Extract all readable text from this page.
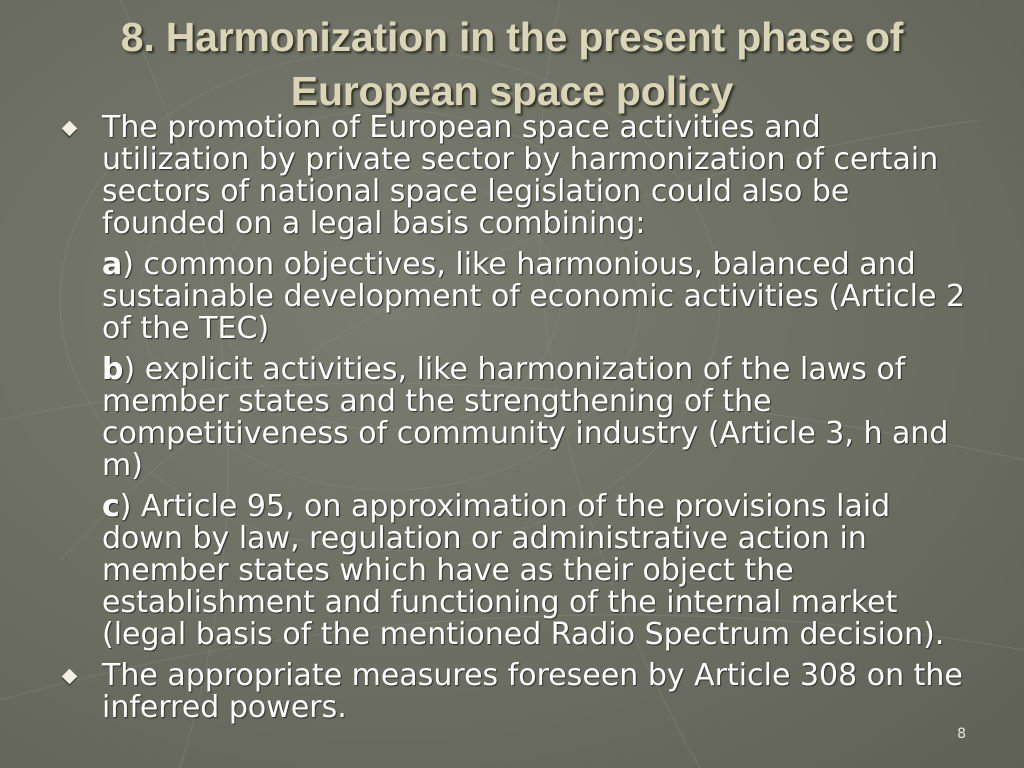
8. Harmonization in the present phase of
European space policy
The promotion of European space activities and utilization by private sector by harmonization of certain sectors of national space legislation could also be founded on a legal basis combining:
a) common objectives, like harmonious, balanced and sustainable development of economic activities (Article 2 of the TEC)
b) explicit activities, like harmonization of the laws of member states and the strengthening of the competitiveness of community industry (Article 3, h and m)
c) Article 95, on approximation of the provisions laid down by law, regulation or administrative action in member states which have as their object the establishment and functioning of the internal market (legal basis of the mentioned Radio Spectrum decision).
The appropriate measures foreseen by Article 308 on the inferred powers.
8
